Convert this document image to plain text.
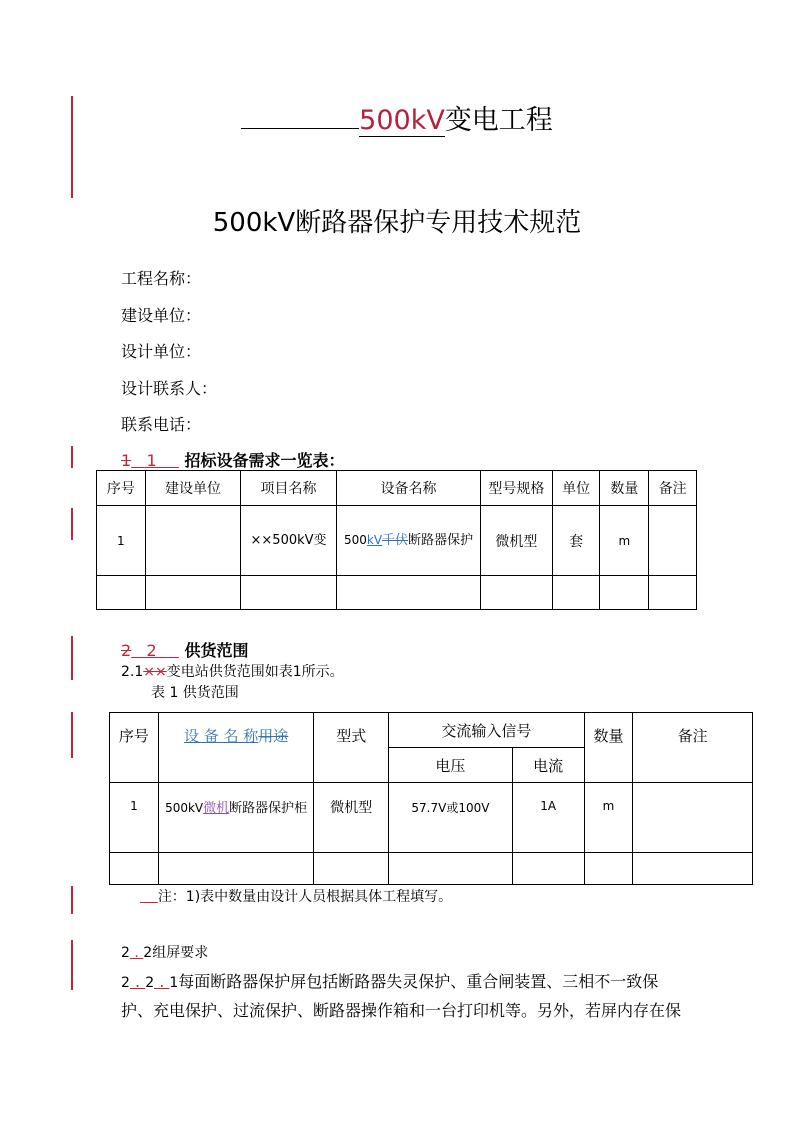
500kV变电工程
500kV断路器保护专用技术规范
工程名称：
建设单位：
设计单位：
设计联系人：
联系电话：
1 1 招标设备需求一览表：
序号	建设单位	项目名称	设备名称	型号规格	单位	数量	备注
1		××500kV变	500kV千伏断路器保护	微机型	套	m	

2 2 供货范围
2.1××变电站供货范围如表1所示。
表 1 供货范围
序号	设 备 名 称用途	型式	交流输入信号		数量	备注
			电压	电流		
1	500kV微机断路器保护柜	微机型	57.7V或100V	1A	m	

注：1)表中数量由设计人员根据具体工程填写。
2 . 2组屏要求
2 . 2 . 1每面断路器保护屏包括断路器失灵保护、重合闸装置、三相不一致保
护、充电保护、过流保护、断路器操作箱和一台打印机等。另外，若屏内存在保
